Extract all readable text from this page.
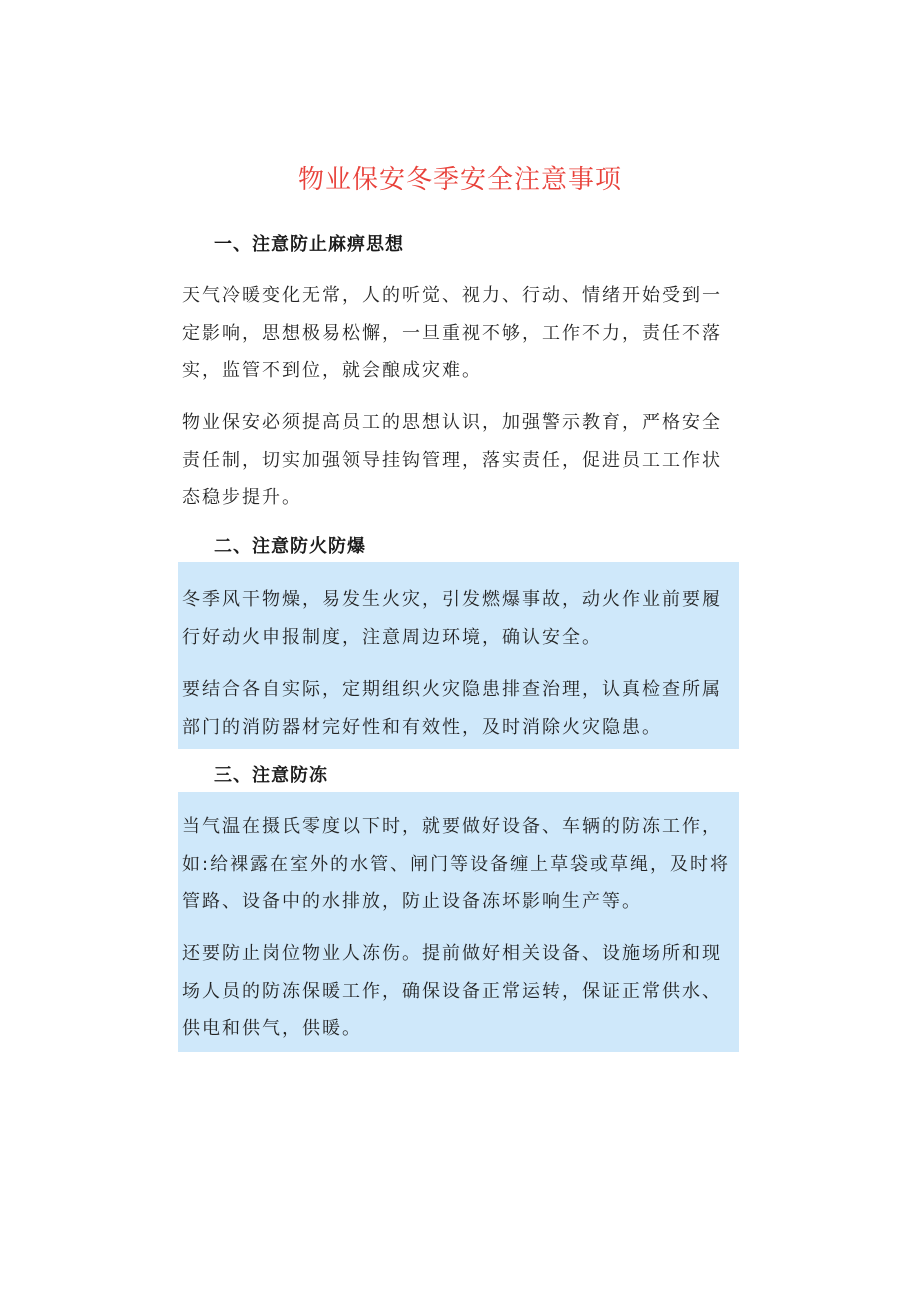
物业保安冬季安全注意事项
一、注意防止麻痹思想

天气冷暖变化无常，人的听觉、视力、行动、情绪开始受到一定影响，思想极易松懈，一旦重视不够，工作不力，责任不落实，监管不到位，就会酿成灾难。

物业保安必须提高员工的思想认识，加强警示教育，严格安全责任制，切实加强领导挂钩管理，落实责任，促进员工工作状态稳步提升。

二、注意防火防爆

冬季风干物燥，易发生火灾，引发燃爆事故，动火作业前要履行好动火申报制度，注意周边环境，确认安全。

要结合各自实际，定期组织火灾隐患排查治理，认真检查所属部门的消防器材完好性和有效性，及时消除火灾隐患。

三、注意防冻

当气温在摄氏零度以下时，就要做好设备、车辆的防冻工作，如:给裸露在室外的水管、闸门等设备缠上草袋或草绳，及时将管路、设备中的水排放，防止设备冻坏影响生产等。

还要防止岗位物业人冻伤。提前做好相关设备、设施场所和现场人员的防冻保暖工作，确保设备正常运转，保证正常供水、供电和供气，供暖。
